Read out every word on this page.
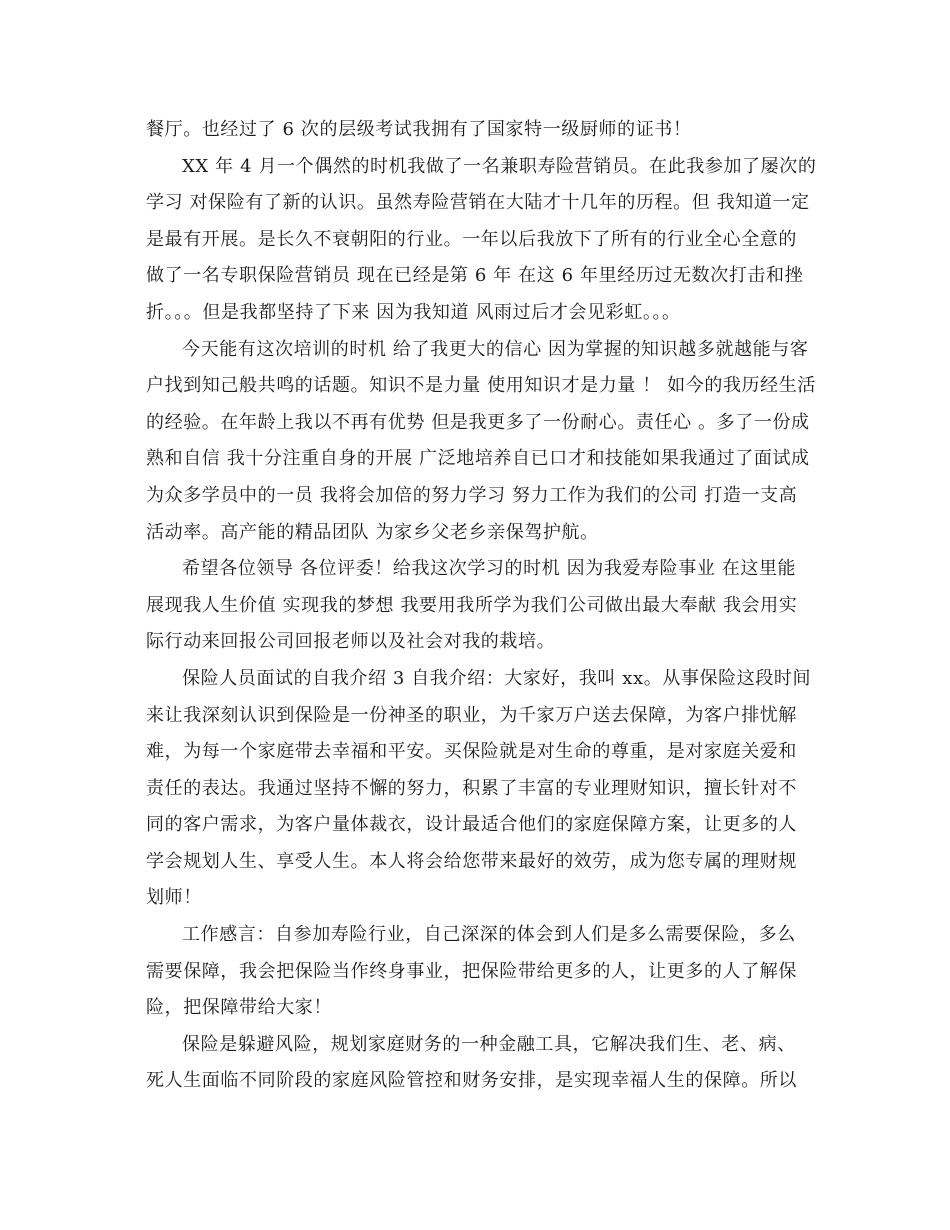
餐厅。也经过了 6 次的层级考试我拥有了国家特一级厨师的证书！
XX 年 4 月一个偶然的时机我做了一名兼职寿险营销员。在此我参加了屡次的
学习 对保险有了新的认识。虽然寿险营销在大陆才十几年的历程。但 我知道一定
是最有开展。是长久不衰朝阳的行业。一年以后我放下了所有的行业全心全意的
做了一名专职保险营销员 现在已经是第 6 年 在这 6 年里经历过无数次打击和挫
折。。。但是我都坚持了下来 因为我知道 风雨过后才会见彩虹。。。
今天能有这次培训的时机 给了我更大的信心 因为掌握的知识越多就越能与客
户找到知己般共鸣的话题。知识不是力量 使用知识才是力量 ！ 如今的我历经生活
的经验。在年龄上我以不再有优势 但是我更多了一份耐心。责任心 。多了一份成
熟和自信 我十分注重自身的开展 广泛地培养自已口才和技能如果我通过了面试成
为众多学员中的一员 我将会加倍的努力学习 努力工作为我们的公司 打造一支高
活动率。高产能的精品团队 为家乡父老乡亲保驾护航。
希望各位领导 各位评委！给我这次学习的时机 因为我爱寿险事业 在这里能
展现我人生价值 实现我的梦想 我要用我所学为我们公司做出最大奉献 我会用实
际行动来回报公司回报老师以及社会对我的栽培。
保险人员面试的自我介绍 3 自我介绍：大家好，我叫 xx。从事保险这段时间
来让我深刻认识到保险是一份神圣的职业，为千家万户送去保障，为客户排忧解
难，为每一个家庭带去幸福和平安。买保险就是对生命的尊重，是对家庭关爱和
责任的表达。我通过坚持不懈的努力，积累了丰富的专业理财知识，擅长针对不
同的客户需求，为客户量体裁衣，设计最适合他们的家庭保障方案，让更多的人
学会规划人生、享受人生。本人将会给您带来最好的效劳，成为您专属的理财规
划师！
工作感言：自参加寿险行业，自己深深的体会到人们是多么需要保险，多么
需要保障，我会把保险当作终身事业，把保险带给更多的人，让更多的人了解保
险，把保障带给大家！
保险是躲避风险，规划家庭财务的一种金融工具，它解决我们生、老、病、
死人生面临不同阶段的家庭风险管控和财务安排，是实现幸福人生的保障。所以
